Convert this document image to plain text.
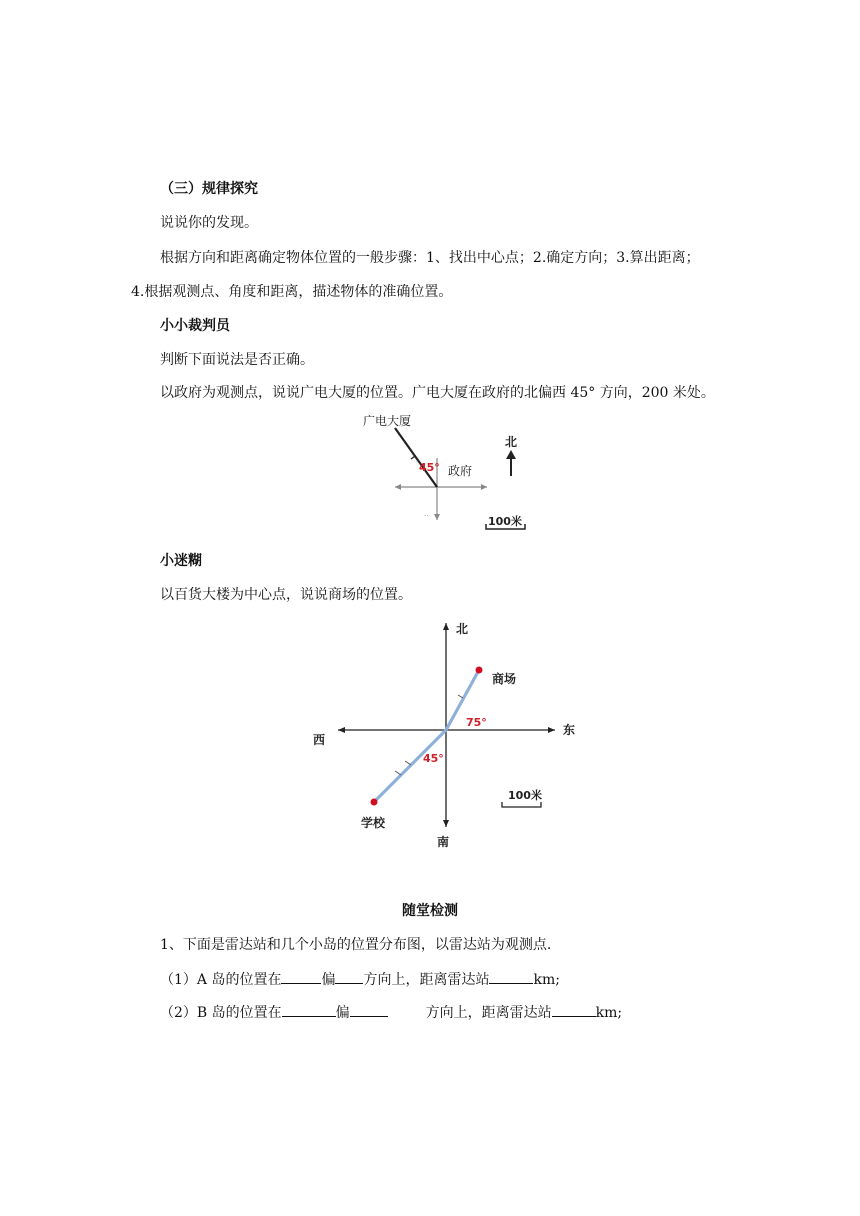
（三）规律探究
说说你的发现。
根据方向和距离确定物体位置的一般步骤：1、找出中心点；2.确定方向；3.算出距离；
4.根据观测点、角度和距离，描述物体的准确位置。
小小裁判员
判断下面说法是否正确。
以政府为观测点，说说广电大厦的位置。广电大厦在政府的北偏西 45° 方向，200 米处。
广电大厦
45° 政府
北
100米
..
小迷糊
以百货大楼为中心点，说说商场的位置。
北
南
东
西
商场
学校
75°
45°
100米
随堂检测
1、下面是雷达站和几个小岛的位置分布图，以雷达站为观测点.
（1）A 岛的位置在	偏 方向上，距离雷达站	km;
（2）B 岛的位置在	偏	方向上，距离雷达站	km;
